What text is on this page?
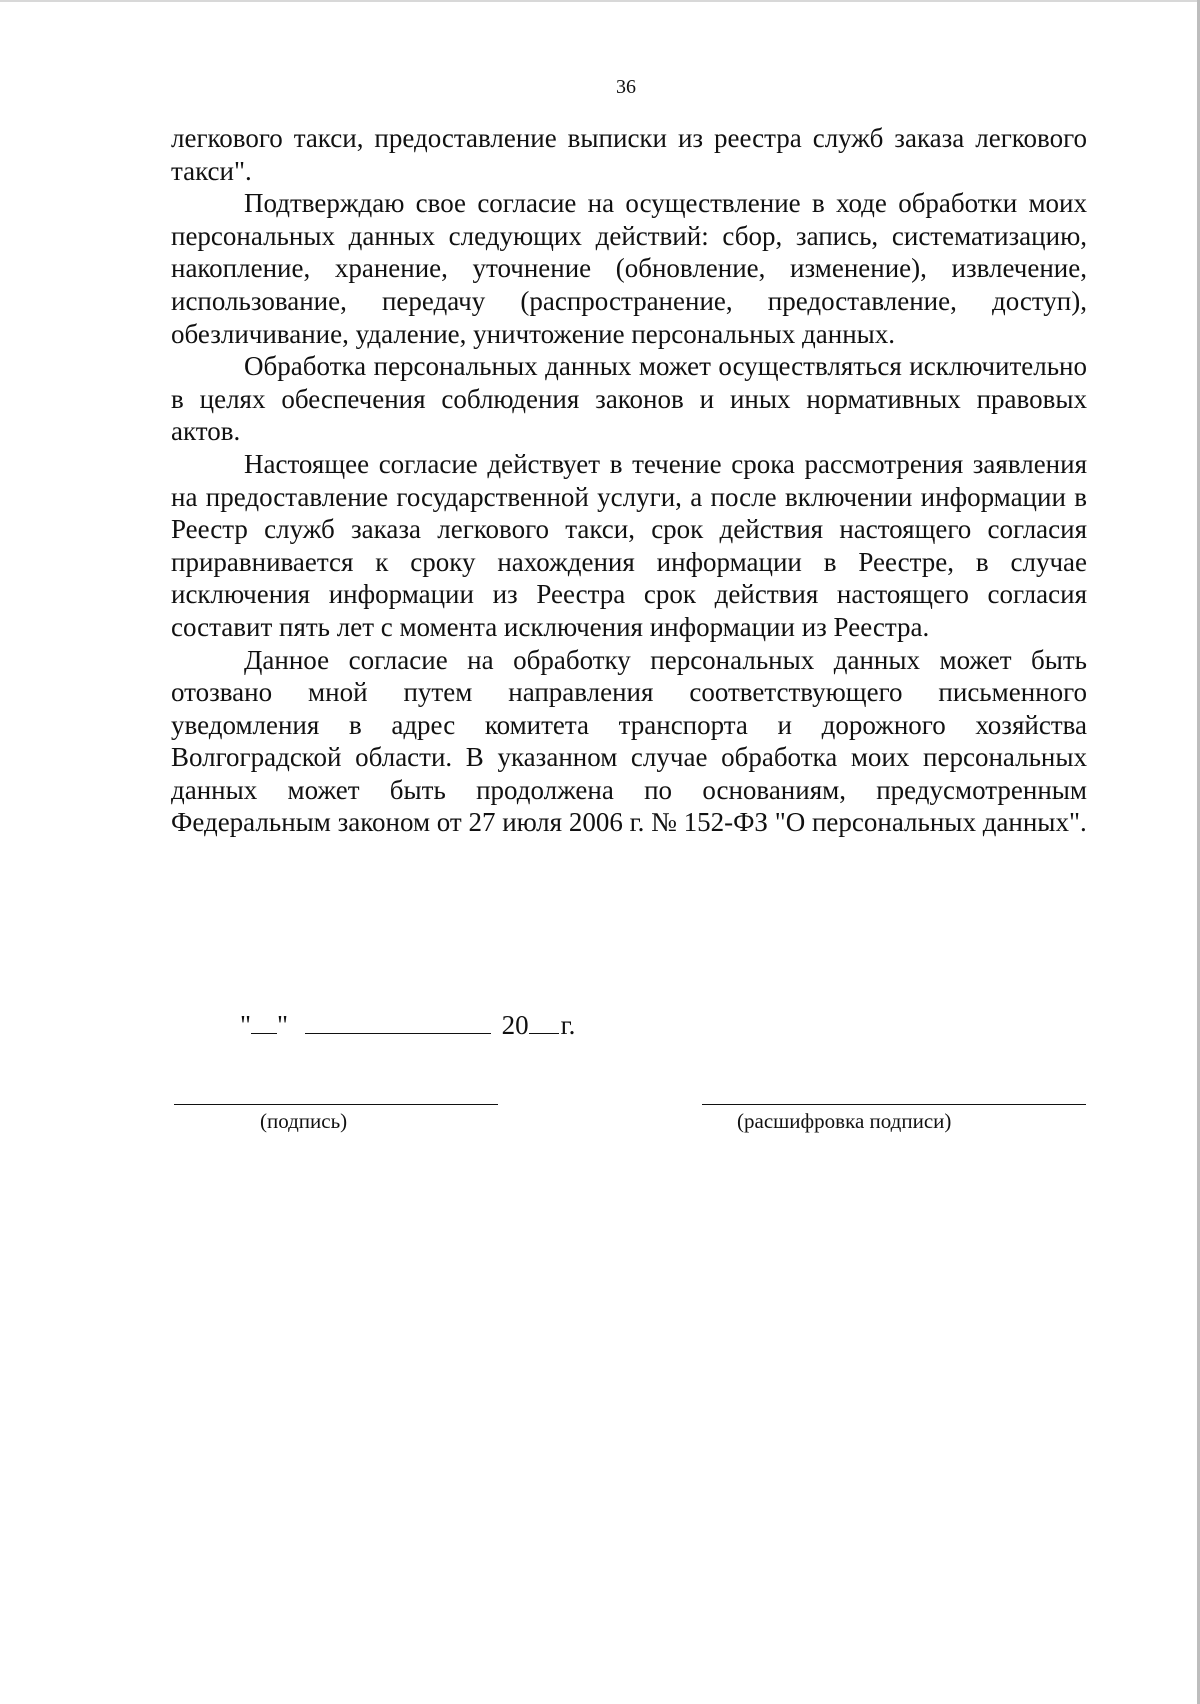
36

легкового такси, предоставление выписки из реестра служб заказа легкового такси".

Подтверждаю свое согласие на осуществление в ходе обработки моих персональных данных следующих действий: сбор, запись, систематизацию, накопление, хранение, уточнение (обновление, изменение), извлечение, использование, передачу (распространение, предоставление, доступ), обезличивание, удаление, уничтожение персональных данных.

Обработка персональных данных может осуществляться исключительно в целях обеспечения соблюдения законов и иных нормативных правовых актов.

Настоящее согласие действует в течение срока рассмотрения заявления на предоставление государственной услуги, а после включении информации в Реестр служб заказа легкового такси, срок действия настоящего согласия приравнивается к сроку нахождения информации в Реестре, в случае исключения информации из Реестра срок действия настоящего согласия составит пять лет с момента исключения информации из Реестра.

Данное согласие на обработку персональных данных может быть отозвано мной путем направления соответствующего письменного уведомления в адрес комитета транспорта и дорожного хозяйства Волгоградской области. В указанном случае обработка моих персональных данных может быть продолжена по основаниям, предусмотренным Федеральным законом от 27 июля 2006 г. № 152-ФЗ "О персональных данных".

" "	20 г.
(подпись)	(расшифровка подписи)
